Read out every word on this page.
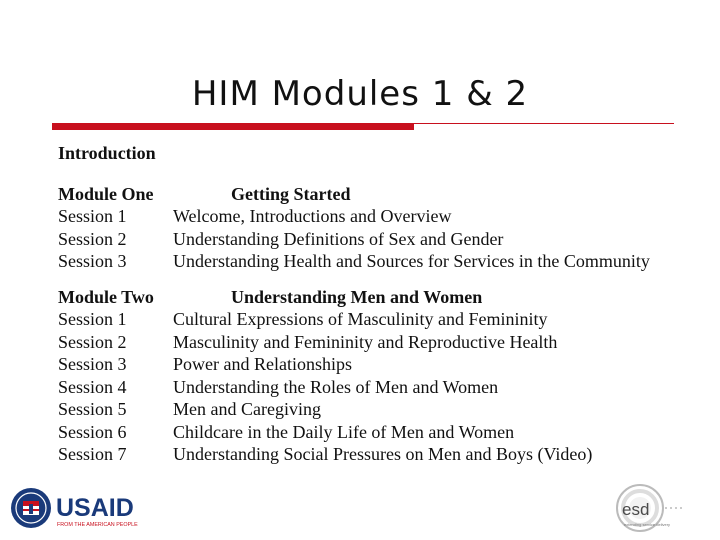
HIM Modules 1 & 2
Introduction
Module One	Getting Started
Session 1	Welcome, Introductions and Overview
Session 2	Understanding Definitions of Sex and Gender
Session 3	Understanding Health and Sources for Services in the Community
Module Two	Understanding Men and Women
Session 1	Cultural Expressions of Masculinity and Femininity
Session 2	Masculinity and Femininity and Reproductive Health
Session 3	Power and Relationships
Session 4	Understanding the Roles of Men and Women
Session 5	Men and Caregiving
Session 6	Childcare in the Daily Life of Men and Women
Session 7	Understanding Social Pressures on Men and Boys (Video)
USAID
FROM THE AMERICAN PEOPLE
esd
extending service delivery
